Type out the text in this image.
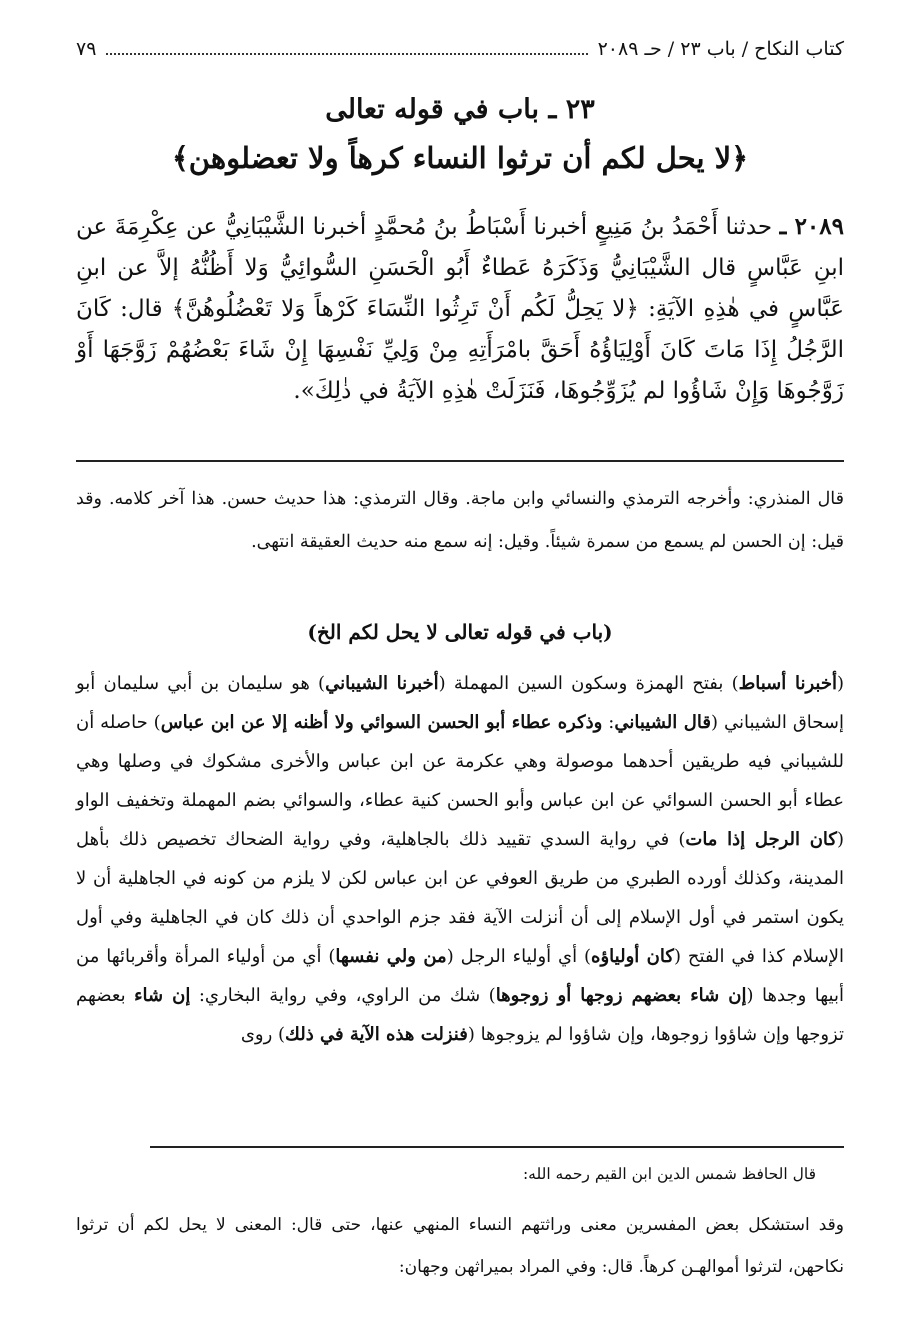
كتاب النكاح / باب ٢٣ / حـ ٢٠٨٩
٧٩
٢٣ ـ باب في قوله تعالى
﴿لا يحل لكم أن ترثوا النساء كرهاً ولا تعضلوهن﴾
٢٠٨٩ ـ حدثنا أَحْمَدُ بنُ مَنِيعٍ أخبرنا أَسْبَاطُ بنُ مُحمَّدٍ أخبرنا الشَّيْبَانِيُّ عن عِكْرِمَةَ عن ابنِ عَبَّاسٍ قال الشَّيْبَانِيُّ وَذَكَرَهُ عَطاءٌ أَبُو الْحَسَنِ السُّوائِيُّ وَلا أَظُنُّهُ إلاَّ عن ابنِ عَبَّاسٍ في هٰذِهِ الآيَةِ: ﴿لا يَحِلُّ لَكُم أَنْ تَرِثُوا النِّسَاءَ كَرْهاً وَلا تَعْضُلُوهُنَّ﴾ قال: كَانَ الرَّجُلُ إِذَا مَاتَ كَانَ أَوْلِيَاؤُهُ أَحَقَّ بامْرَأَتِهِ مِنْ وَلِيِّ نَفْسِهَا إِنْ شَاءَ بَعْضُهُمْ زَوَّجَهَا أَوْ زَوَّجُوهَا وَإِنْ شَاؤُوا لم يُزَوِّجُوهَا، فَنَزَلَتْ هٰذِهِ الآيَةُ في ذٰلِكَ».
قال المنذري: وأخرجه الترمذي والنسائي وابن ماجة. وقال الترمذي: هذا حديث حسن. هذا آخر كلامه. وقد قيل: إن الحسن لم يسمع من سمرة شيئاً. وقيل: إنه سمع منه حديث العقيقة انتهى.
(باب في قوله تعالى لا يحل لكم الخ)
(أخبرنا أسباط) بفتح الهمزة وسكون السين المهملة (أخبرنا الشيباني) هو سليمان بن أبي سليمان أبو إسحاق الشيباني (قال الشيباني: وذكره عطاء أبو الحسن السوائي ولا أظنه إلا عن ابن عباس) حاصله أن للشيباني فيه طريقين أحدهما موصولة وهي عكرمة عن ابن عباس والأخرى مشكوك في وصلها وهي عطاء أبو الحسن السوائي عن ابن عباس وأبو الحسن كنية عطاء، والسوائي بضم المهملة وتخفيف الواو (كان الرجل إذا مات) في رواية السدي تقييد ذلك بالجاهلية، وفي رواية الضحاك تخصيص ذلك بأهل المدينة، وكذلك أورده الطبري من طريق العوفي عن ابن عباس لكن لا يلزم من كونه في الجاهلية أن لا يكون استمر في أول الإسلام إلى أن أنزلت الآية فقد جزم الواحدي أن ذلك كان في الجاهلية وفي أول الإسلام كذا في الفتح (كان أولياؤه) أي أولياء الرجل (من ولي نفسها) أي من أولياء المرأة وأقربائها من أبيها وجدها (إن شاء بعضهم زوجها أو زوجوها) شك من الراوي، وفي رواية البخاري: إن شاء بعضهم تزوجها وإن شاؤوا زوجوها، وإن شاؤوا لم يزوجوها (فنزلت هذه الآية في ذلك) روى
قال الحافظ شمس الدين ابن القيم رحمه الله:
وقد استشكل بعض المفسرين معنى وراثتهم النساء المنهي عنها، حتى قال: المعنى لا يحل لكم أن ترثوا نكاحهن، لترثوا أموالهـن كرهاً. قال: وفي المراد بميراثهن وجهان:
